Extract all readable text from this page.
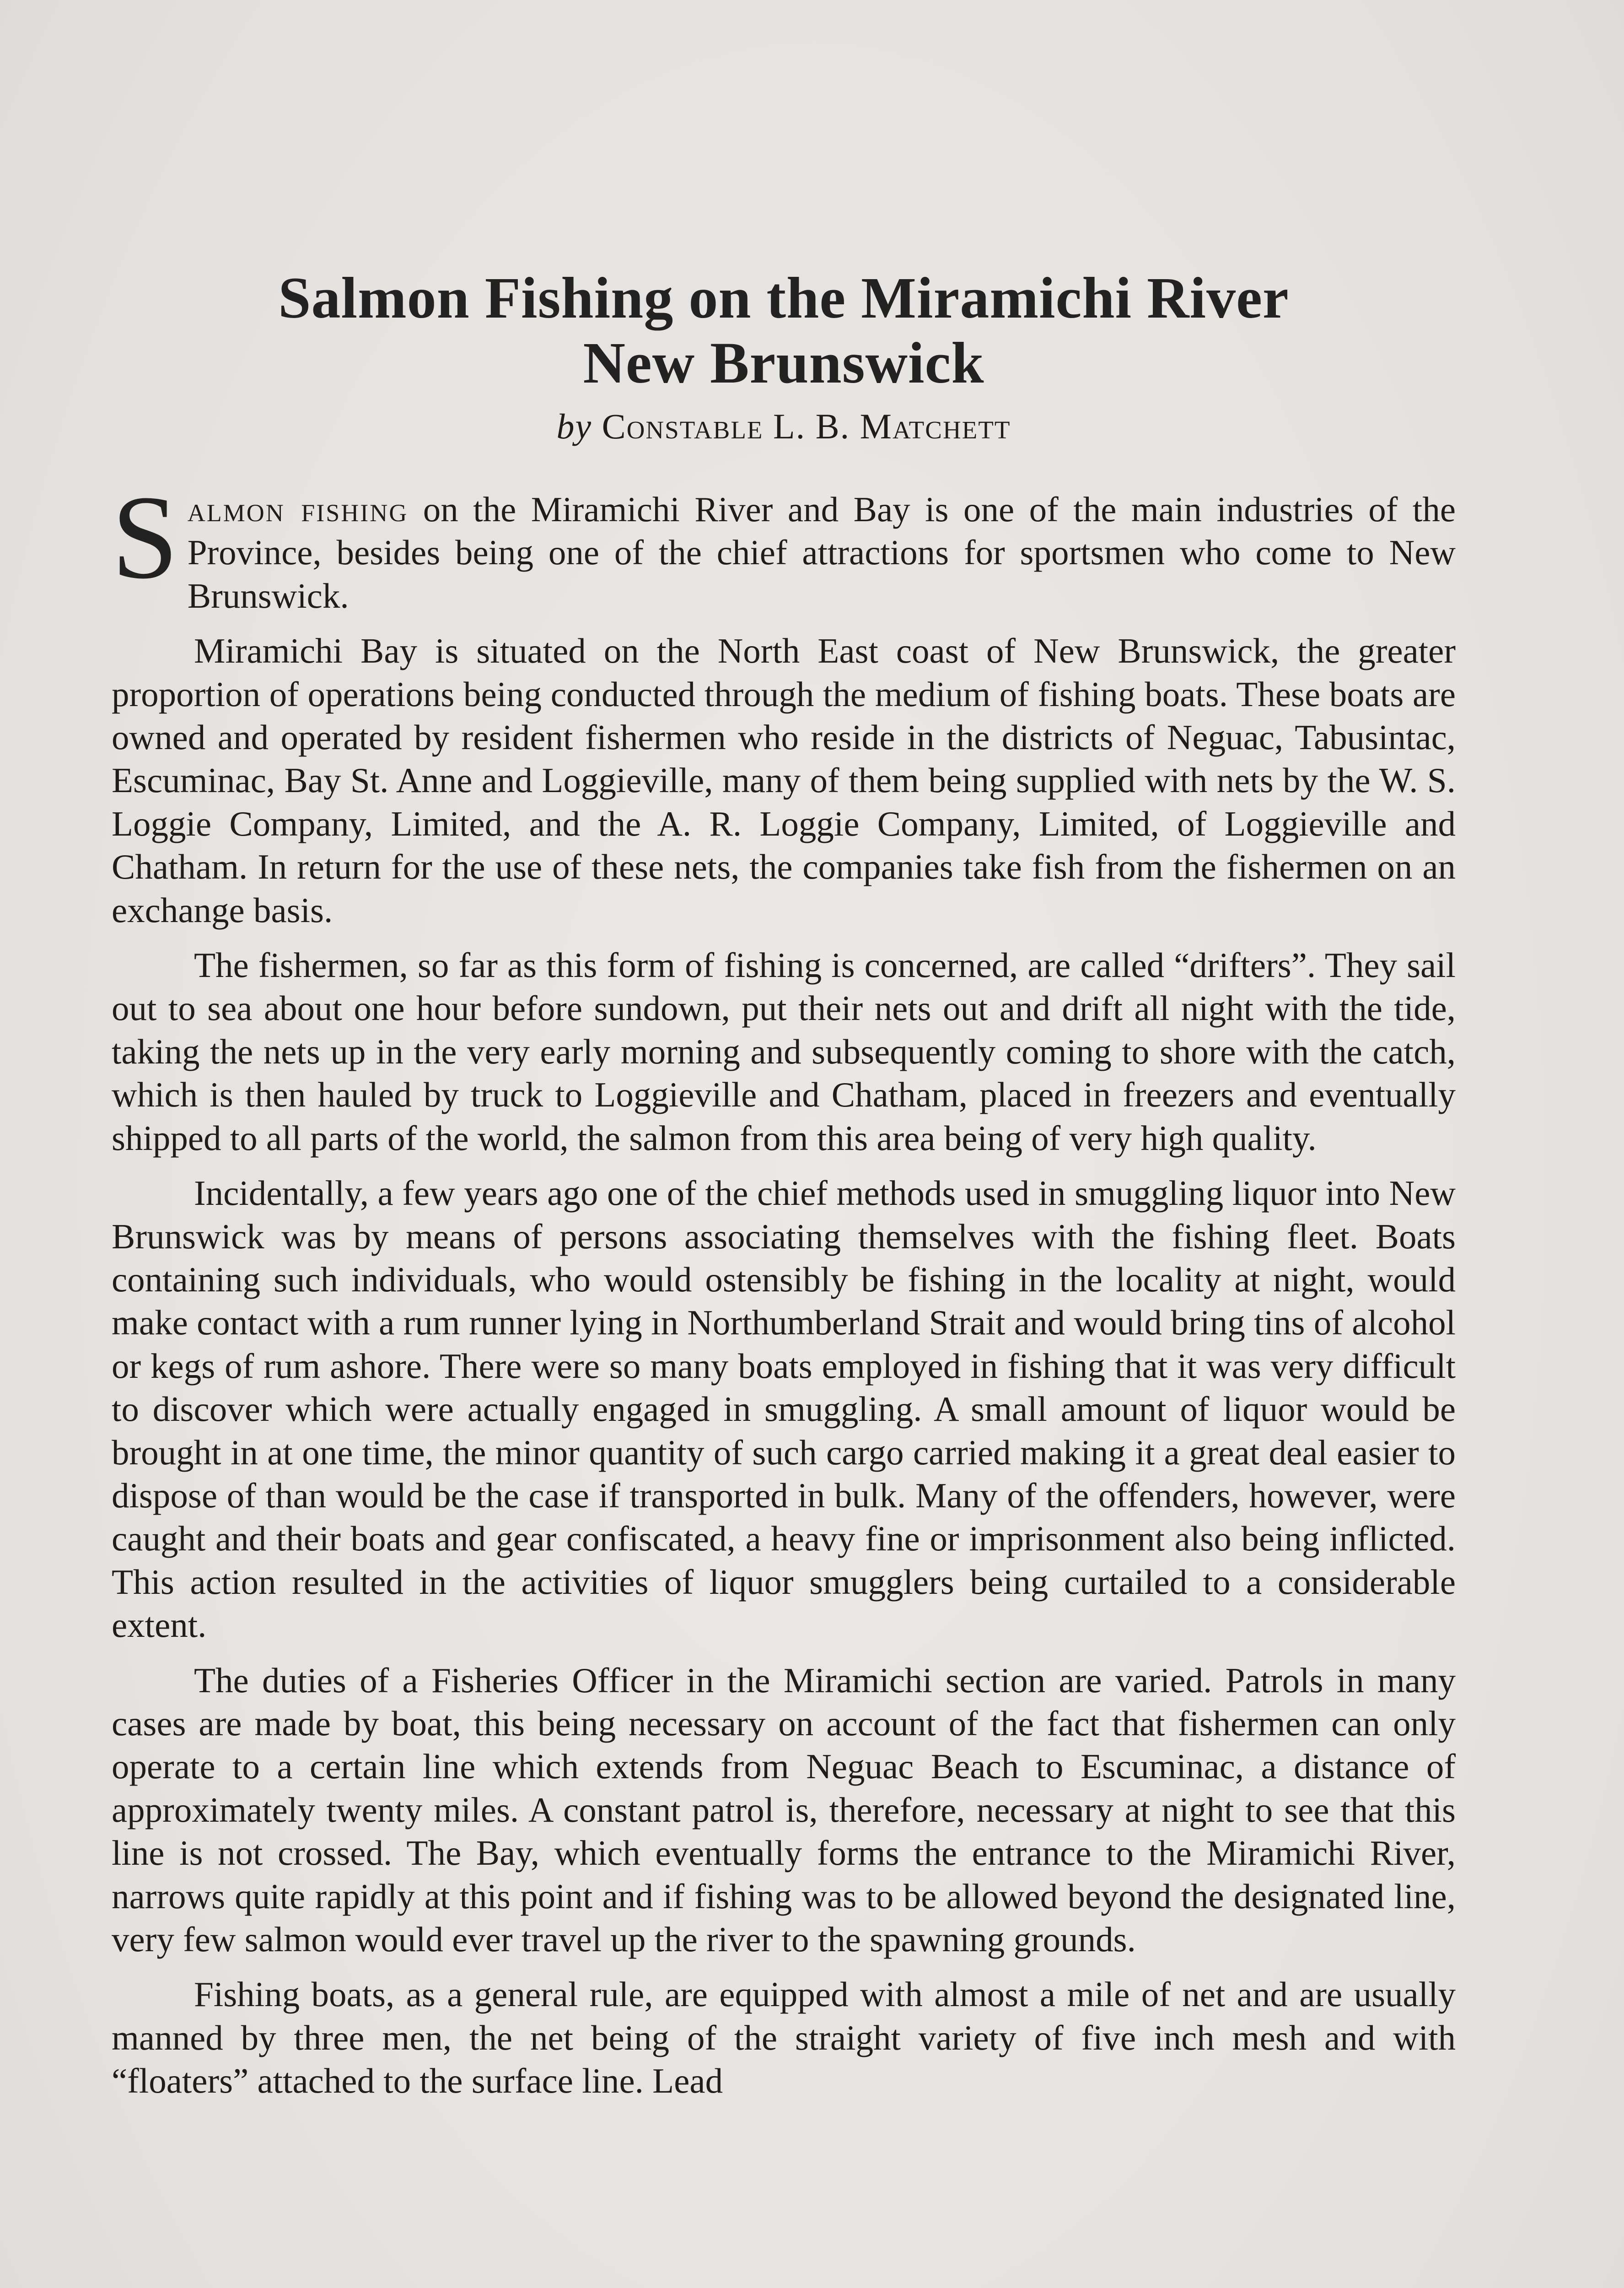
Salmon Fishing on the Miramichi River
New Brunswick

by Constable L. B. Matchett

Salmon fishing on the Miramichi River and Bay is one of the main industries of the Province, besides being one of the chief attractions for sportsmen who come to New Brunswick.

Miramichi Bay is situated on the North East coast of New Brunswick, the greater proportion of operations being conducted through the medium of fishing boats. These boats are owned and operated by resident fishermen who reside in the districts of Neguac, Tabusintac, Escuminac, Bay St. Anne and Loggieville, many of them being supplied with nets by the W. S. Loggie Company, Limited, and the A. R. Loggie Company, Limited, of Loggieville and Chatham. In return for the use of these nets, the companies take fish from the fishermen on an exchange basis.

The fishermen, so far as this form of fishing is concerned, are called “drifters”. They sail out to sea about one hour before sundown, put their nets out and drift all night with the tide, taking the nets up in the very early morning and subsequently coming to shore with the catch, which is then hauled by truck to Loggieville and Chatham, placed in freezers and eventually shipped to all parts of the world, the salmon from this area being of very high quality.

Incidentally, a few years ago one of the chief methods used in smuggling liquor into New Brunswick was by means of persons associating themselves with the fishing fleet. Boats containing such individuals, who would ostensibly be fishing in the locality at night, would make contact with a rum runner lying in Northumberland Strait and would bring tins of alcohol or kegs of rum ashore. There were so many boats employed in fishing that it was very difficult to discover which were actually engaged in smuggling. A small amount of liquor would be brought in at one time, the minor quantity of such cargo carried making it a great deal easier to dispose of than would be the case if transported in bulk. Many of the offenders, however, were caught and their boats and gear confiscated, a heavy fine or imprisonment also being inflicted. This action resulted in the activities of liquor smugglers being curtailed to a considerable extent.

The duties of a Fisheries Officer in the Miramichi section are varied. Patrols in many cases are made by boat, this being necessary on account of the fact that fishermen can only operate to a certain line which extends from Neguac Beach to Escuminac, a distance of approximately twenty miles. A constant patrol is, therefore, necessary at night to see that this line is not crossed. The Bay, which eventually forms the entrance to the Miramichi River, narrows quite rapidly at this point and if fishing was to be allowed beyond the designated line, very few salmon would ever travel up the river to the spawning grounds.

Fishing boats, as a general rule, are equipped with almost a mile of net and are usually manned by three men, the net being of the straight variety of five inch mesh and with “floaters” attached to the surface line. Lead
